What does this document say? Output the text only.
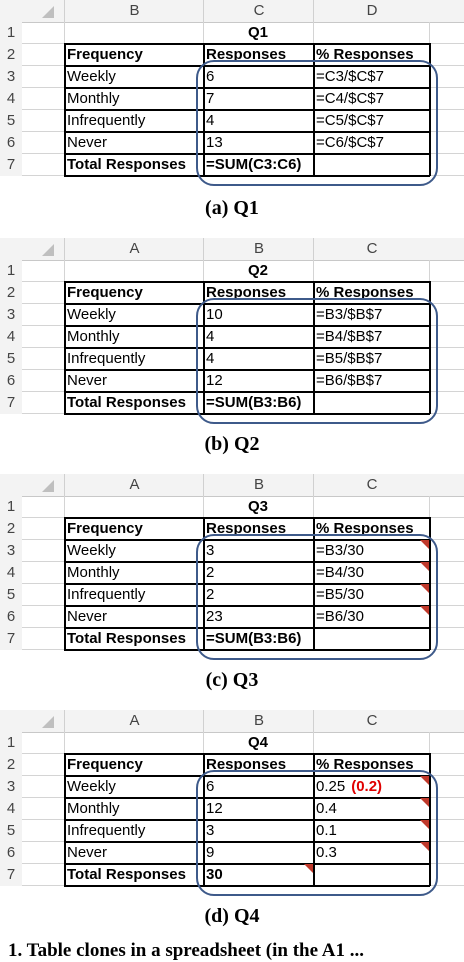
B	C	D
1
2
3
4
5
6
7
Q1
Frequency	Responses	% Responses
Weekly	6	=C3/$C$7
Monthly	7	=C4/$C$7
Infrequently	4	=C5/$C$7
Never	13	=C6/$C$7
Total Responses	=SUM(C3:C6)
(a) Q1
A	B	C
1
2
3
4
5
6
7
Q2
Frequency	Responses	% Responses
Weekly	10	=B3/$B$7
Monthly	4	=B4/$B$7
Infrequently	4	=B5/$B$7
Never	12	=B6/$B$7
Total Responses	=SUM(B3:B6)
(b) Q2
A	B	C
1
2
3
4
5
6
7
Q3
Frequency	Responses	% Responses
Weekly	3	=B3/30
Monthly	2	=B4/30
Infrequently	2	=B5/30
Never	23	=B6/30
Total Responses	=SUM(B3:B6)
(c) Q3
A	B	C
1
2
3
4
5
6
7
Q4
Frequency	Responses	% Responses
Weekly	6	0.25 (0.2)
Monthly	12	0.4
Infrequently	3	0.1
Never	9	0.3
Total Responses	30
(d) Q4
1. Table clones in a spreadsheet (in the A1 ...
